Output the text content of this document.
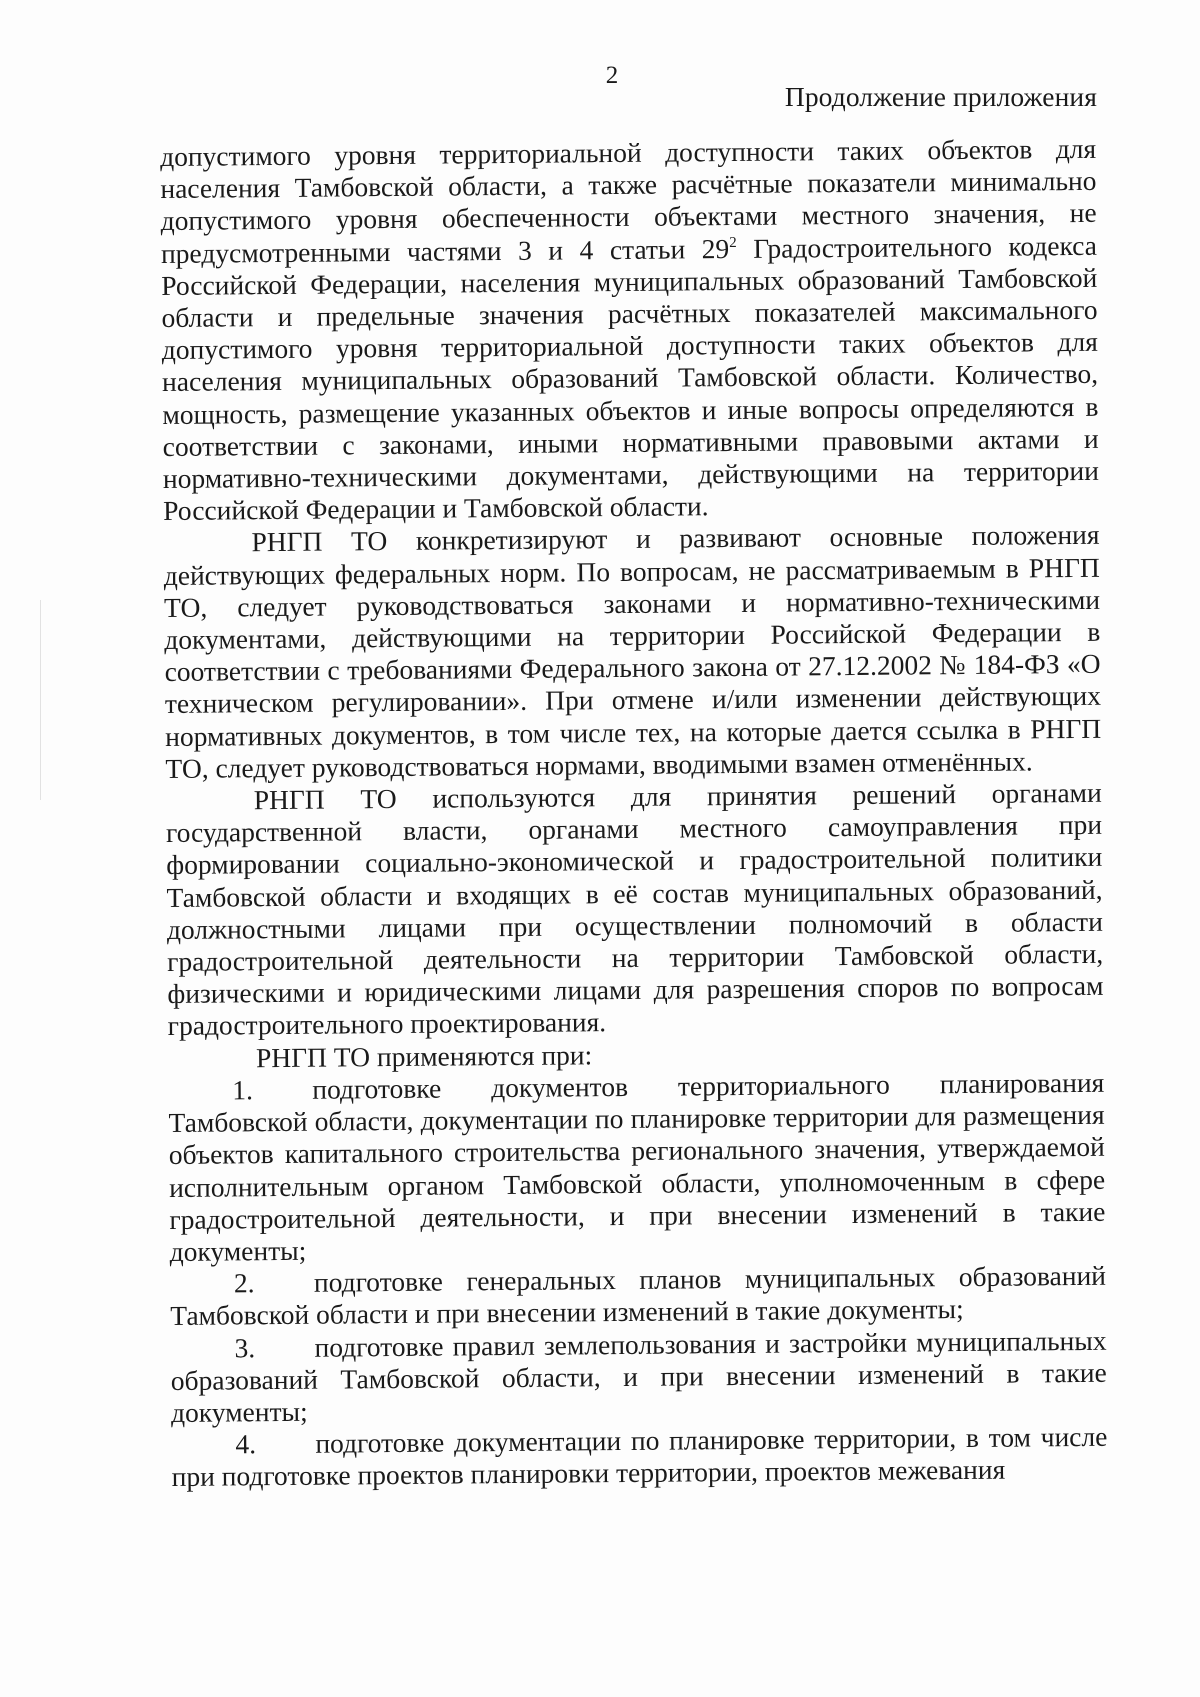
2
Продолжение приложения

допустимого уровня территориальной доступности таких объектов для населения Тамбовской области, а также расчётные показатели минимально допустимого уровня обеспеченности объектами местного значения, не предусмотренными частями 3 и 4 статьи $29^2$ Градостроительного кодекса Российской Федерации, населения муниципальных образований Тамбовской области и предельные значения расчётных показателей максимального допустимого уровня территориальной доступности таких объектов для населения муниципальных образований Тамбовской области. Количество, мощность, размещение указанных объектов и иные вопросы определяются в соответствии с законами, иными нормативными правовыми актами и нормативно-техническими документами, действующими на территории Российской Федерации и Тамбовской области.

РНГП ТО конкретизируют и развивают основные положения действующих федеральных норм. По вопросам, не рассматриваемым в РНГП ТО, следует руководствоваться законами и нормативно-техническими документами, действующими на территории Российской Федерации в соответствии с требованиями Федерального закона от 27.12.2002 № 184-ФЗ «О техническом регулировании». При отмене и/или изменении действующих нормативных документов, в том числе тех, на которые дается ссылка в РНГП ТО, следует руководствоваться нормами, вводимыми взамен отменённых.

РНГП ТО используются для принятия решений органами государственной власти, органами местного самоуправления при формировании социально-экономической и градостроительной политики Тамбовской области и входящих в её состав муниципальных образований, должностными лицами при осуществлении полномочий в области градостроительной деятельности на территории Тамбовской области, физическими и юридическими лицами для разрешения споров по вопросам градостроительного проектирования.

РНГП ТО применяются при:

1. подготовке документов территориального планирования Тамбовской области, документации по планировке территории для размещения объектов капитального строительства регионального значения, утверждаемой исполнительным органом Тамбовской области, уполномоченным в сфере градостроительной деятельности, и при внесении изменений в такие документы;

2. подготовке генеральных планов муниципальных образований Тамбовской области и при внесении изменений в такие документы;

3. подготовке правил землепользования и застройки муниципальных образований Тамбовской области, и при внесении изменений в такие документы;

4. подготовке документации по планировке территории, в том числе при подготовке проектов планировки территории, проектов межевания
